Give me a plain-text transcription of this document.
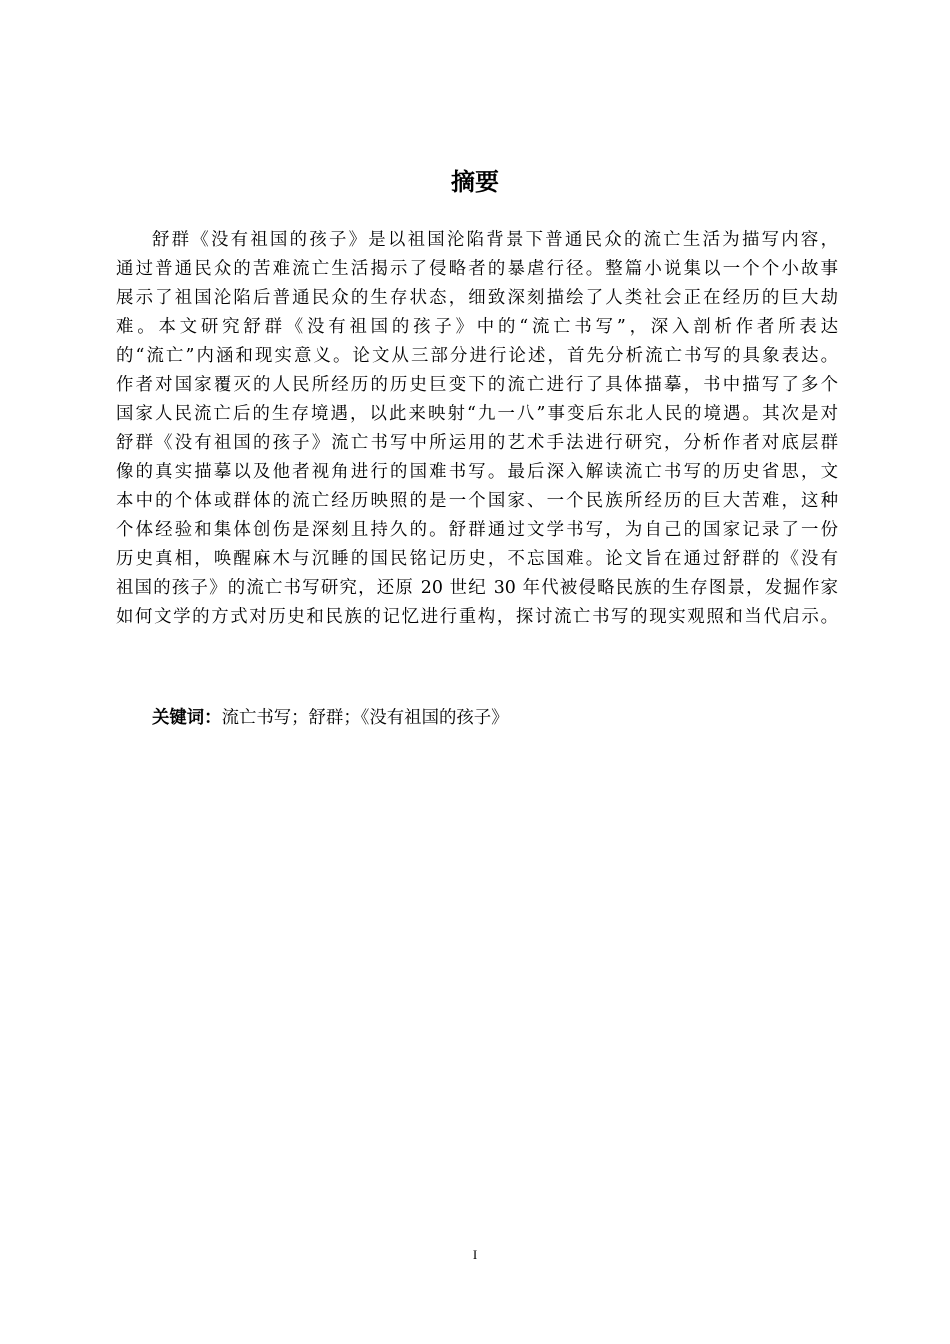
摘要
舒群《没有祖国的孩子》是以祖国沦陷背景下普通民众的流亡生活为描写内容，
通过普通民众的苦难流亡生活揭示了侵略者的暴虐行径。整篇小说集以一个个小故事
展示了祖国沦陷后普通民众的生存状态，细致深刻描绘了人类社会正在经历的巨大劫
难。本文研究舒群《没有祖国的孩子》中的“流亡书写”，深入剖析作者所表达
的“流亡”内涵和现实意义。论文从三部分进行论述，首先分析流亡书写的具象表达。
作者对国家覆灭的人民所经历的历史巨变下的流亡进行了具体描摹，书中描写了多个
国家人民流亡后的生存境遇，以此来映射“九一八”事变后东北人民的境遇。其次是对
舒群《没有祖国的孩子》流亡书写中所运用的艺术手法进行研究，分析作者对底层群
像的真实描摹以及他者视角进行的国难书写。最后深入解读流亡书写的历史省思，文
本中的个体或群体的流亡经历映照的是一个国家、一个民族所经历的巨大苦难，这种
个体经验和集体创伤是深刻且持久的。舒群通过文学书写，为自己的国家记录了一份
历史真相，唤醒麻木与沉睡的国民铭记历史，不忘国难。论文旨在通过舒群的《没有
祖国的孩子》的流亡书写研究，还原 20 世纪 30 年代被侵略民族的生存图景，发掘作家
如何文学的方式对历史和民族的记忆进行重构，探讨流亡书写的现实观照和当代启示。

关键词：流亡书写；舒群；《没有祖国的孩子》

I
